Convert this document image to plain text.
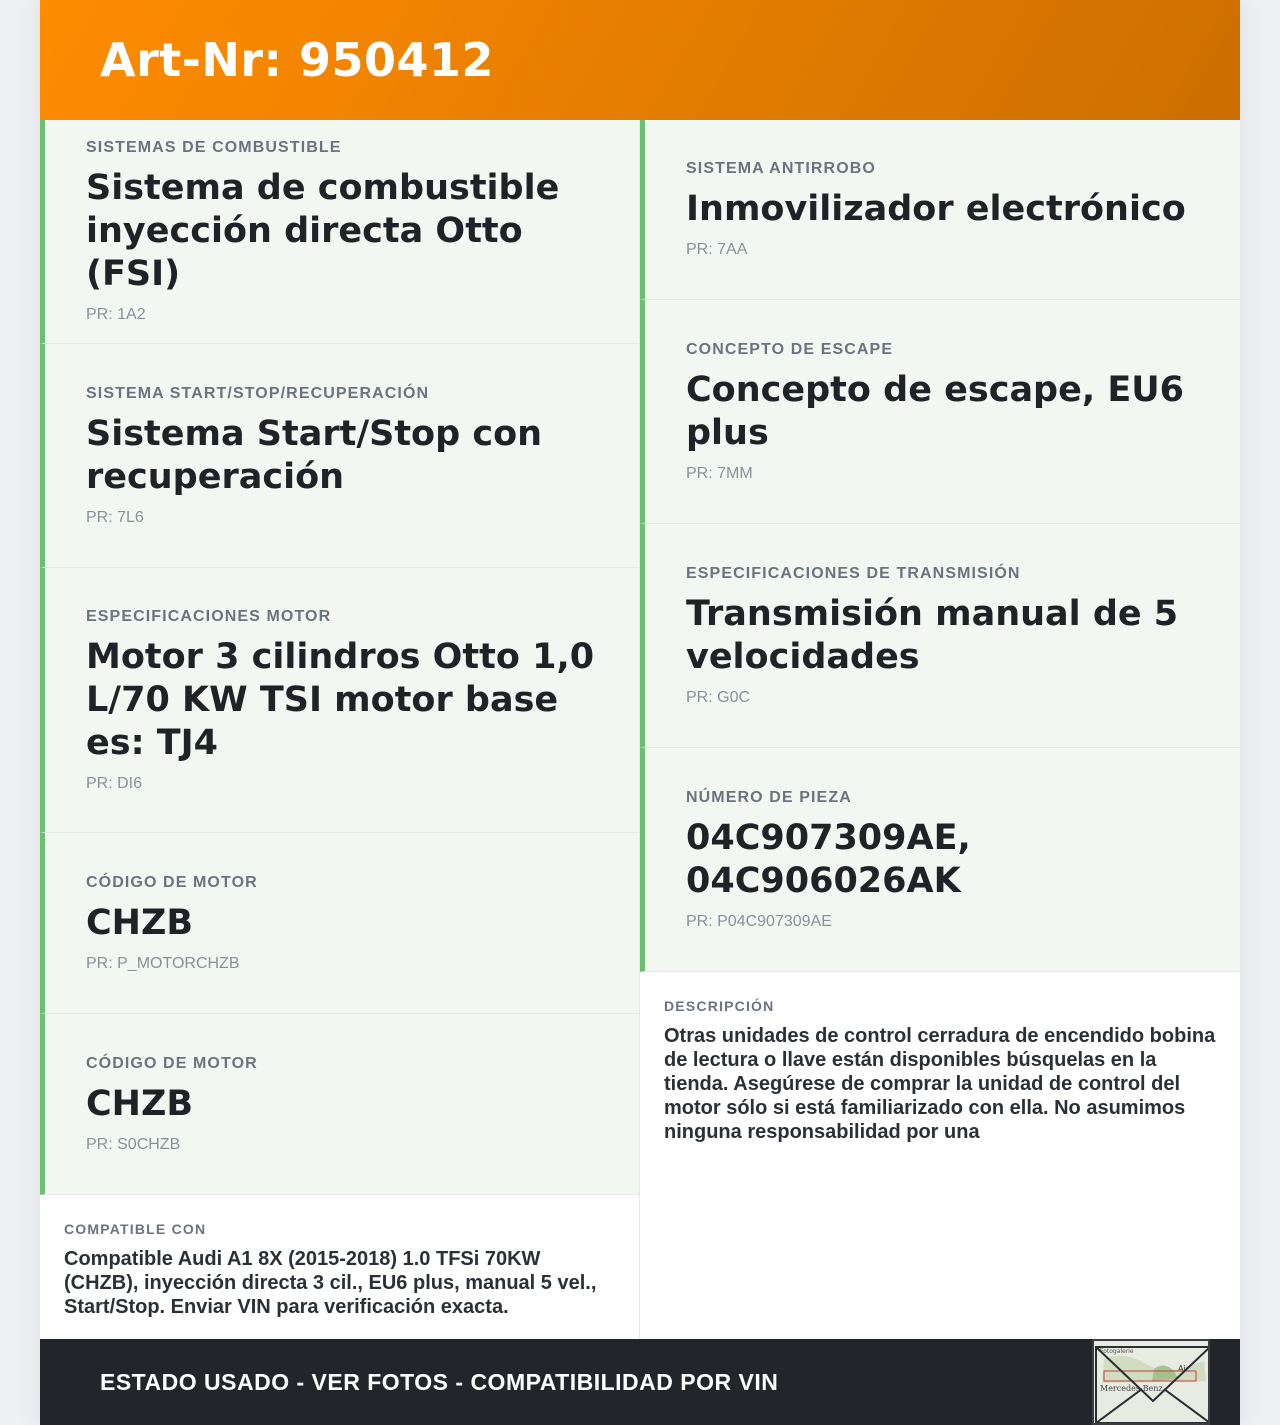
Art-Nr: 950412
SISTEMAS DE COMBUSTIBLE
Sistema de combustible inyección directa Otto (FSI)
PR: 1A2
SISTEMA START/STOP/RECUPERACIÓN
Sistema Start/Stop con recuperación
PR: 7L6
ESPECIFICACIONES MOTOR
Motor 3 cilindros Otto 1,0 L/70 KW TSI motor base es: TJ4
PR: DI6
CÓDIGO DE MOTOR
CHZB
PR: P_MOTORCHZB
CÓDIGO DE MOTOR
CHZB
PR: S0CHZB
COMPATIBLE CON
Compatible Audi A1 8X (2015-2018) 1.0 TFSi 70KW (CHZB), inyección directa 3 cil., EU6 plus, manual 5 vel., Start/Stop. Enviar VIN para verificación exacta.
SISTEMA ANTIRROBO
Inmovilizador electrónico
PR: 7AA
CONCEPTO DE ESCAPE
Concepto de escape, EU6 plus
PR: 7MM
ESPECIFICACIONES DE TRANSMISIÓN
Transmisión manual de 5 velocidades
PR: G0C
NÚMERO DE PIEZA
04C907309AE, 04C906026AK
PR: P04C907309AE
DESCRIPCIÓN
Otras unidades de control cerradura de encendido bobina de lectura o llave están disponibles búsquelas en la tienda. Asegúrese de comprar la unidad de control del motor sólo si está familiarizado con ella. No asumimos ninguna responsabilidad por una
ESTADO USADO - VER FOTOS - COMPATIBILIDAD POR VIN
Fotogalerie
Ai
Mercedes-Benz
